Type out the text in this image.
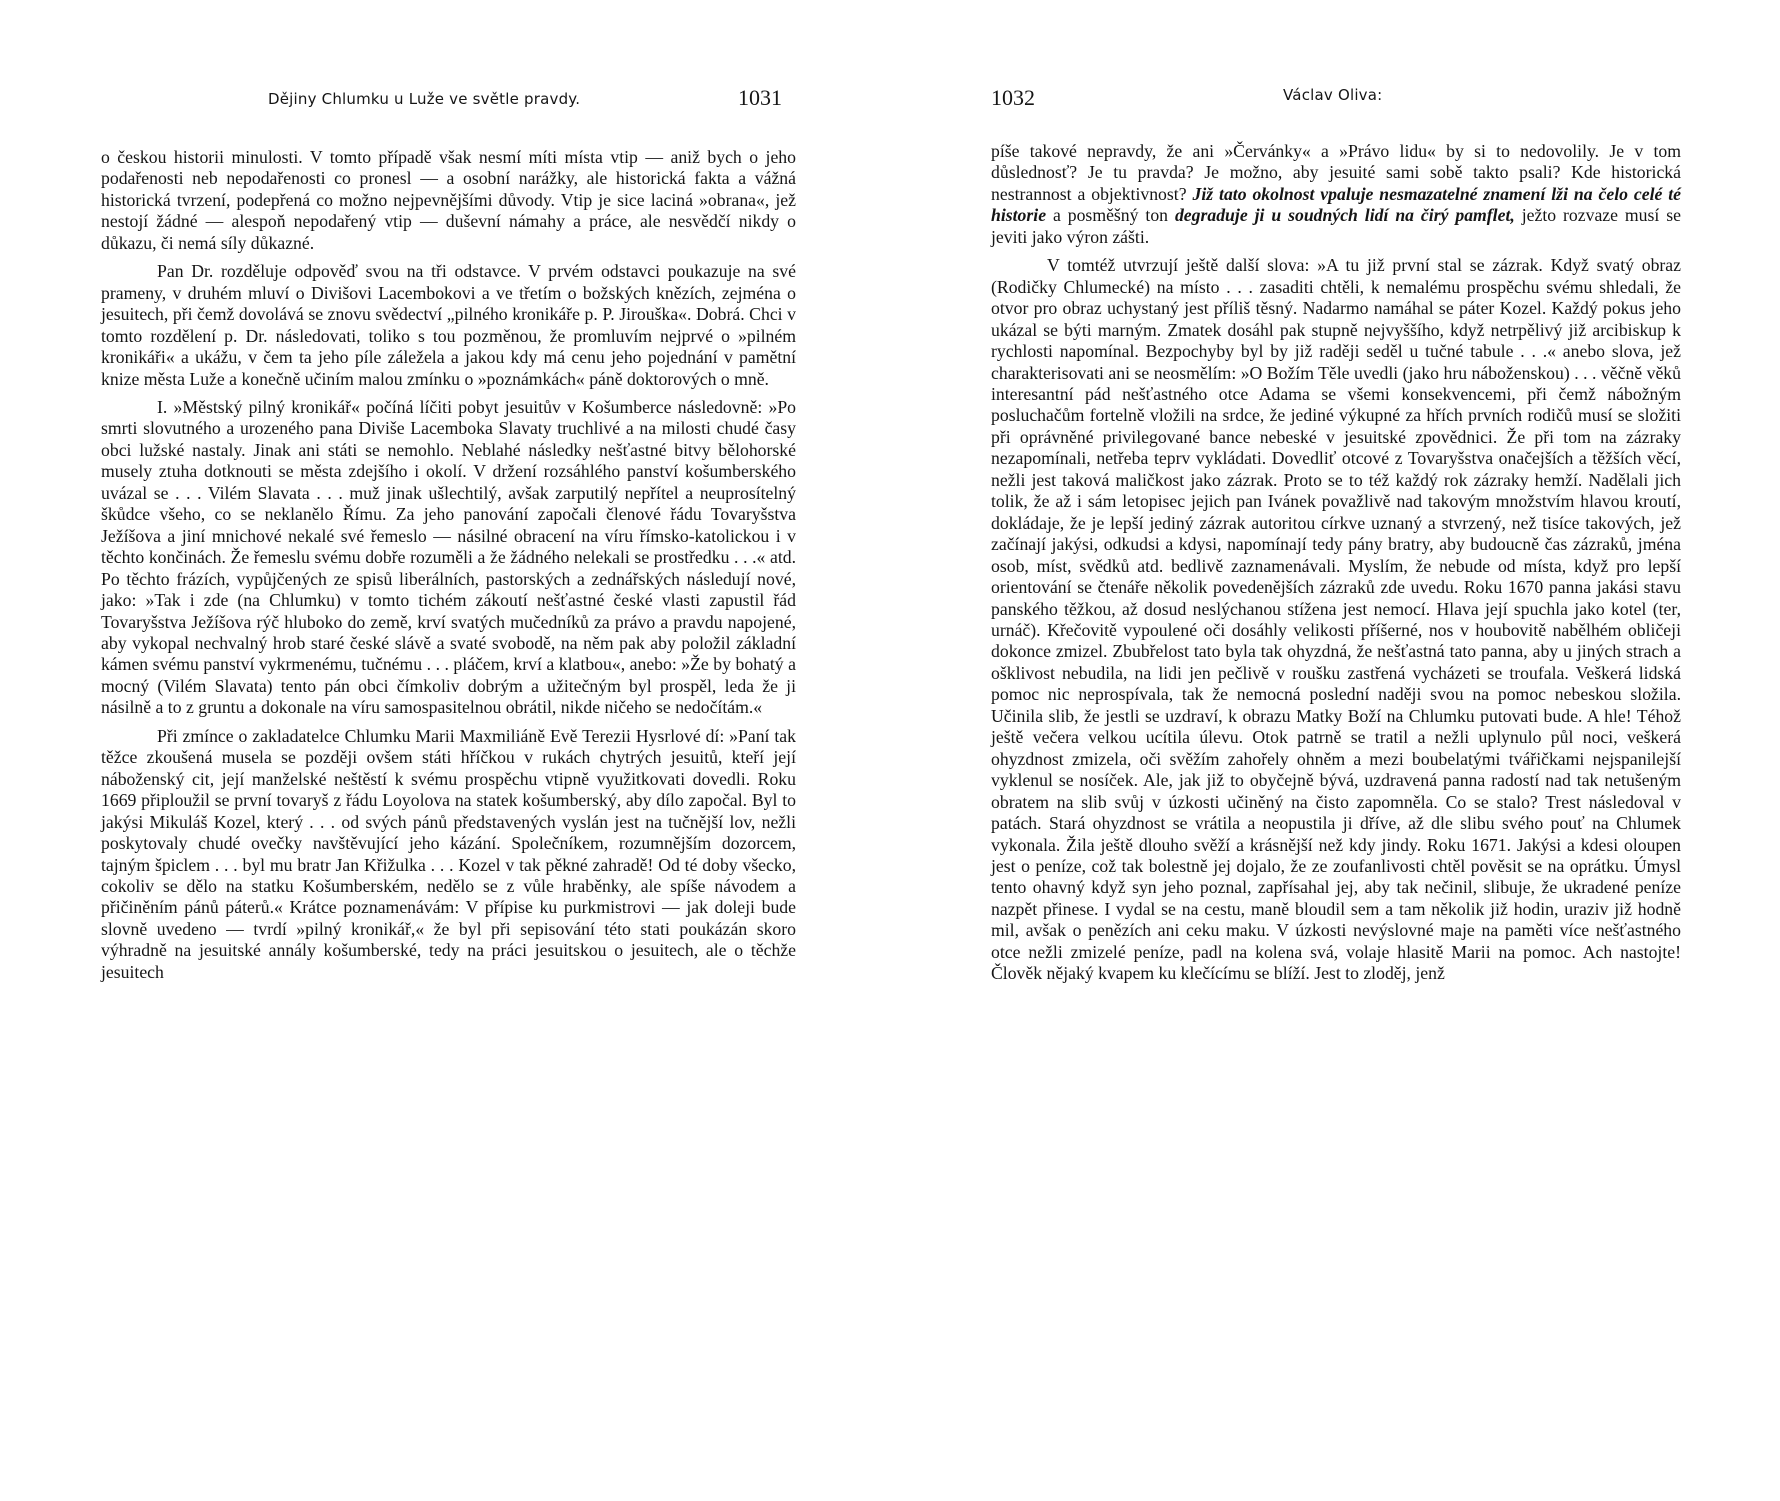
Dějiny Chlumku u Luže ve světle pravdy.	1031

o českou historii minulosti. V tomto případě však nesmí míti místa vtip — aniž bych o jeho podařenosti neb nepodařenosti co pronesl — a osobní narážky, ale historická fakta a vážná historická tvrzení, podepřená co možno nejpevnějšími důvody. Vtip je sice laciná »obrana«, jež nestojí žádné — alespoň nepodařený vtip — duševní námahy a práce, ale nesvědčí nikdy o důkazu, či nemá síly důkazné.

Pan Dr. rozděluje odpověď svou na tři odstavce. V prvém odstavci poukazuje na své prameny, v druhém mluví o Divišovi Lacembokovi a ve třetím o božských knězích, zejména o jesuitech, při čemž dovolává se znovu svědectví „pilného kronikáře p. P. Jirouška«. Dobrá. Chci v tomto rozdělení p. Dr. následovati, toliko s tou pozměnou, že promluvím nejprvé o »pilném kronikáři« a ukážu, v čem ta jeho píle záležela a jakou kdy má cenu jeho pojednání v pamětní knize města Luže a konečně učiním malou zmínku o »poznámkách« páně doktorových o mně.

I. »Městský pilný kronikář« počíná líčiti pobyt jesuitův v Košumberce následovně: »Po smrti slovutného a urozeného pana Diviše Lacemboka Slavaty truchlivé a na milosti chudé časy obci lužské nastaly. Jinak ani státi se nemohlo. Neblahé následky nešťastné bitvy bělohorské musely ztuha dotknouti se města zdejšího i okolí. V držení rozsáhlého panství košumberského uvázal se . . . Vilém Slavata . . . muž jinak ušlechtilý, avšak zarputilý nepřítel a neuprosítelný škůdce všeho, co se neklanělo Římu. Za jeho panování započali členové řádu Tovaryšstva Ježíšova a jiní mnichové nekalé své řemeslo — násilné obracení na víru římsko-katolickou i v těchto končinách. Že řemeslu svému dobře rozuměli a že žádného nelekali se prostředku . . .« atd. Po těchto frázích, vypůjčených ze spisů liberálních, pastorských a zednářských následují nové, jako: »Tak i zde (na Chlumku) v tomto tichém zákoutí nešťastné české vlasti zapustil řád Tovaryšstva Ježíšova rýč hluboko do země, krví svatých mučedníků za právo a pravdu napojené, aby vykopal nechvalný hrob staré české slávě a svaté svobodě, na něm pak aby položil základní kámen svému panství vykrmenému, tučnému . . . pláčem, krví a klatbou«, anebo: »Že by bohatý a mocný (Vilém Slavata) tento pán obci čímkoliv dobrým a užitečným byl prospěl, leda že ji násilně a to z gruntu a dokonale na víru samospasitelnou obrátil, nikde ničeho se nedočítám.«

Při zmínce o zakladatelce Chlumku Marii Maxmiliáně Evě Terezii Hysrlové dí: »Paní tak těžce zkoušená musela se později ovšem státi hříčkou v rukách chytrých jesuitů, kteří její náboženský cit, její manželské neštěstí k svému prospěchu vtipně využitkovati dovedli. Roku 1669 připloužil se první tovaryš z řádu Loyolova na statek košumberský, aby dílo započal. Byl to jakýsi Mikuláš Kozel, který . . . od svých pánů představených vyslán jest na tučnější lov, nežli poskytovaly chudé ovečky navštěvující jeho kázání. Společníkem, rozumnějším dozorcem, tajným špiclem . . . byl mu bratr Jan Křižulka . . . Kozel v tak pěkné zahradě! Od té doby všecko, cokoliv se dělo na statku Košumberském, nedělo se z vůle hraběnky, ale spíše návodem a přičiněním pánů páterů.« Krátce poznamenávám: V přípise ku purkmistrovi — jak doleji bude slovně uvedeno — tvrdí »pilný kronikář,« že byl při sepisování této stati poukázán skoro výhradně na jesuitské annály košumberské, tedy na práci jesuitskou o jesuitech, ale o těchže jesuitech

1032	Václav Oliva:

píše takové nepravdy, že ani »Červánky« a »Právo lidu« by si to nedovolily. Je v tom důslednosť? Je tu pravda? Je možno, aby jesuité sami sobě takto psali? Kde historická nestrannost a objektivnost? Již tato okolnost vpaluje nesmazatelné znamení lži na čelo celé té historie a posměšný ton degraduje ji u soudných lidí na čirý pamflet, ježto rozvaze musí se jeviti jako výron zášti.

V tomtéž utvrzují ještě další slova: »A tu již první stal se zázrak. Když svatý obraz (Rodičky Chlumecké) na místo . . . zasaditi chtěli, k nemalému prospěchu svému shledali, že otvor pro obraz uchystaný jest příliš těsný. Nadarmo namáhal se páter Kozel. Každý pokus jeho ukázal se býti marným. Zmatek dosáhl pak stupně nejvyššího, když netrpělivý již arcibiskup k rychlosti napomínal. Bezpochyby byl by již raději seděl u tučné tabule . . .« anebo slova, jež charakterisovati ani se neosmělím: »O Božím Těle uvedli (jako hru náboženskou) . . . věčně věků interesantní pád nešťastného otce Adama se všemi konsekvencemi, při čemž nábožným posluchačům fortelně vložili na srdce, že jediné výkupné za hřích prvních rodičů musí se složiti při oprávněné privilegované bance nebeské v jesuitské zpovědnici. Že při tom na zázraky nezapomínali, netřeba teprv vykládati. Dovedliť otcové z Tovaryšstva onačejších a těžších věcí, nežli jest taková maličkost jako zázrak. Proto se to též každý rok zázraky hemží. Nadělali jich tolik, že až i sám letopisec jejich pan Ivánek považlivě nad takovým množstvím hlavou kroutí, dokládaje, že je lepší jediný zázrak autoritou církve uznaný a stvrzený, než tisíce takových, jež začínají jakýsi, odkudsi a kdysi, napomínají tedy pány bratry, aby budoucně čas zázraků, jména osob, míst, svědků atd. bedlivě zaznamenávali. Myslím, že nebude od místa, když pro lepší orientování se čtenáře několik povedenějších zázraků zde uvedu. Roku 1670 panna jakási stavu panského těžkou, až dosud neslýchanou stížena jest nemocí. Hlava její spuchla jako kotel (ter, urnáč). Křečovitě vypoulené oči dosáhly velikosti příšerné, nos v houbovitě nabělhém obličeji dokonce zmizel. Zbubřelost tato byla tak ohyzdná, že nešťastná tato panna, aby u jiných strach a ošklivost nebudila, na lidi jen pečlivě v roušku zastřená vycházeti se troufala. Veškerá lidská pomoc nic neprospívala, tak že nemocná poslední naději svou na pomoc nebeskou složila. Učinila slib, že jestli se uzdraví, k obrazu Matky Boží na Chlumku putovati bude. A hle! Téhož ještě večera velkou ucítila úlevu. Otok patrně se tratil a nežli uplynulo půl noci, veškerá ohyzdnost zmizela, oči svěžím zahořely ohněm a mezi boubelatými tvářičkami nejspanilejší vyklenul se nosíček. Ale, jak již to obyčejně bývá, uzdravená panna radostí nad tak netušeným obratem na slib svůj v úzkosti učiněný na čisto zapomněla. Co se stalo? Trest následoval v patách. Stará ohyzdnost se vrátila a neopustila ji dříve, až dle slibu svého pouť na Chlumek vykonala. Žila ještě dlouho svěží a krásnější než kdy jindy. Roku 1671. Jakýsi a kdesi oloupen jest o peníze, což tak bolestně jej dojalo, že ze zoufanlivosti chtěl pověsit se na oprátku. Úmysl tento ohavný když syn jeho poznal, zapřísahal jej, aby tak nečinil, slibuje, že ukradené peníze nazpět přinese. I vydal se na cestu, maně bloudil sem a tam několik již hodin, uraziv již hodně mil, avšak o penězích ani ceku maku. V úzkosti nevýslovné maje na paměti více nešťastného otce nežli zmizelé peníze, padl na kolena svá, volaje hlasitě Marii na pomoc. Ach nastojte! Člověk nějaký kvapem ku klečícímu se blíží. Jest to zloděj, jenž
